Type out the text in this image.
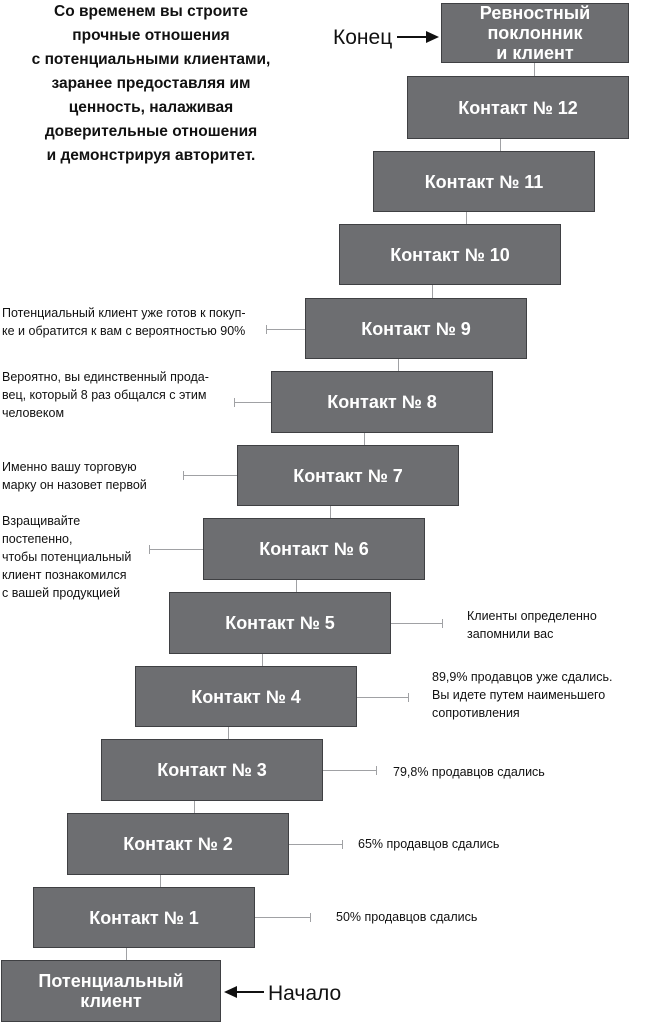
Со временем вы строите
прочные отношения
с потенциальными клиентами,
заранее предоставляя им
ценность, налаживая
доверительные отношения
и демонстрируя авторитет.
Ревностный поклонник
и клиент
Контакт № 12
Контакт № 11
Контакт № 10
Контакт № 9
Контакт № 8
Контакт № 7
Контакт № 6
Контакт № 5
Контакт № 4
Контакт № 3
Контакт № 2
Контакт № 1
Потенциальный
клиент
Потенциальный клиент уже готов к покуп-
ке и обратится к вам с вероятностью 90%
Вероятно, вы единственный прода-
вец, который 8 раз общался с этим
человеком
Именно вашу торговую
марку он назовет первой
Взращивайте постепенно,
чтобы потенциальный
клиент познакомился
с вашей продукцией
Клиенты определенно
запомнили вас
89,9% продавцов уже сдались.
Вы идете путем наименьшего
сопротивления
79,8% продавцов сдались
65% продавцов сдались
50% продавцов сдались
Конец
Начало
